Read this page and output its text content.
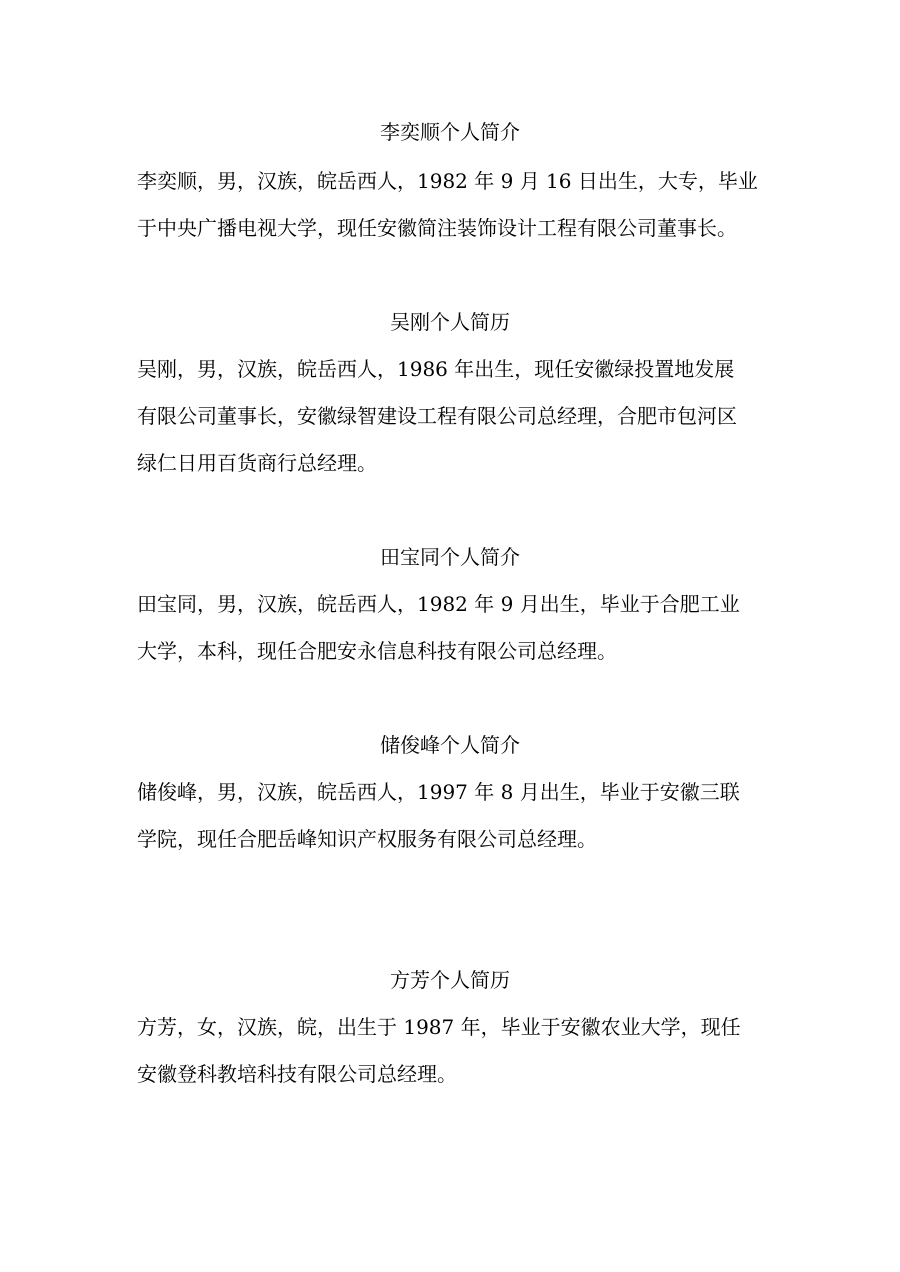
李奕顺个人简介
李奕顺，男，汉族，皖岳西人，1982 年 9 月 16 日出生，大专，毕业
于中央广播电视大学，现任安徽简注装饰设计工程有限公司董事长。
吴刚个人简历
吴刚，男，汉族，皖岳西人，1986 年出生，现任安徽绿投置地发展
有限公司董事长，安徽绿智建设工程有限公司总经理，合肥市包河区
绿仁日用百货商行总经理。
田宝同个人简介
田宝同，男，汉族，皖岳西人，1982 年 9 月出生，毕业于合肥工业
大学，本科，现任合肥安永信息科技有限公司总经理。
储俊峰个人简介
储俊峰，男，汉族，皖岳西人，1997 年 8 月出生，毕业于安徽三联
学院，现任合肥岳峰知识产权服务有限公司总经理。
方芳个人简历
方芳，女，汉族，皖，出生于 1987 年，毕业于安徽农业大学，现任
安徽登科教培科技有限公司总经理。
